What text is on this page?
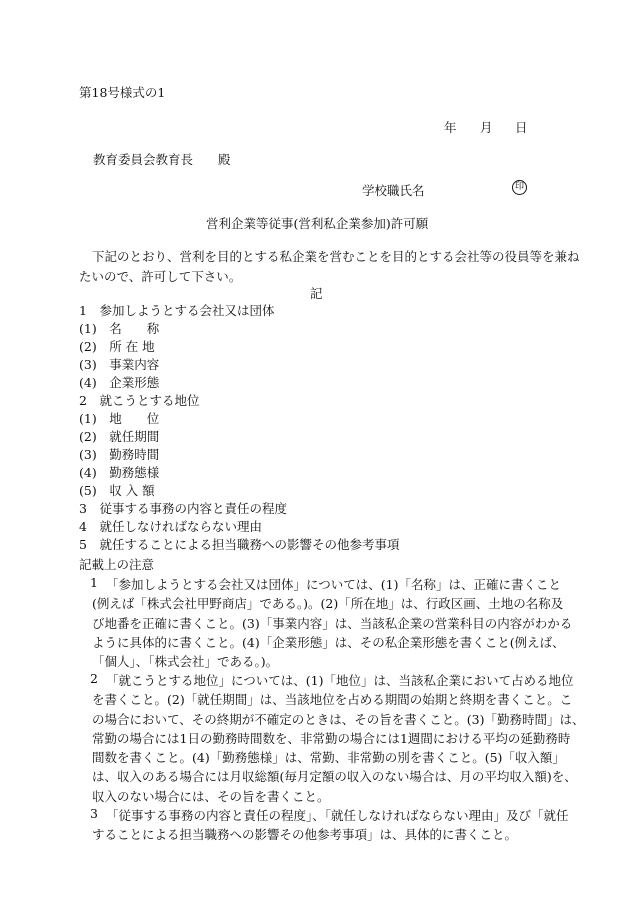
第18号様式の1
年 月 日
教育委員会教育長　　殿
学校職氏名	印
営利企業等従事(営利私企業参加)許可願
下記のとおり、営利を目的とする私企業を営むことを目的とする会社等の役員等を兼ね
たいので、許可して下さい。
記
1　参加しようとする会社又は団体
(1)　名　　称
(2)　所 在 地
(3)　事業内容
(4)　企業形態
2　就こうとする地位
(1)　地　　位
(2)　就任期間
(3)　勤務時間
(4)　勤務態様
(5)　収 入 額
3　従事する事務の内容と責任の程度
4　就任しなければならない理由
5　就任することによる担当職務への影響その他参考事項
記載上の注意
1 「参加しようとする会社又は団体」については、(1)「名称」は、正確に書くこと
(例えば「株式会社甲野商店」である。)。(2)「所在地」は、行政区画、土地の名称及
び地番を正確に書くこと。(3)「事業内容」は、当該私企業の営業科目の内容がわかる
ように具体的に書くこと。(4)「企業形態」は、その私企業形態を書くこと(例えば、
「個人」、「株式会社」である。)。
2 「就こうとする地位」については、(1)「地位」は、当該私企業において占める地位
を書くこと。(2)「就任期間」は、当該地位を占める期間の始期と終期を書くこと。こ
の場合において、その終期が不確定のときは、その旨を書くこと。(3)「勤務時間」は、
常勤の場合には1日の勤務時間数を、非常勤の場合には1週間における平均の延勤務時
間数を書くこと。(4)「勤務態様」は、常勤、非常勤の別を書くこと。(5)「収入額」
は、収入のある場合には月収総額(毎月定額の収入のない場合は、月の平均収入額)を、
収入のない場合には、その旨を書くこと。
3 「従事する事務の内容と責任の程度」、「就任しなければならない理由」及び「就任
することによる担当職務への影響その他参考事項」は、具体的に書くこと。
